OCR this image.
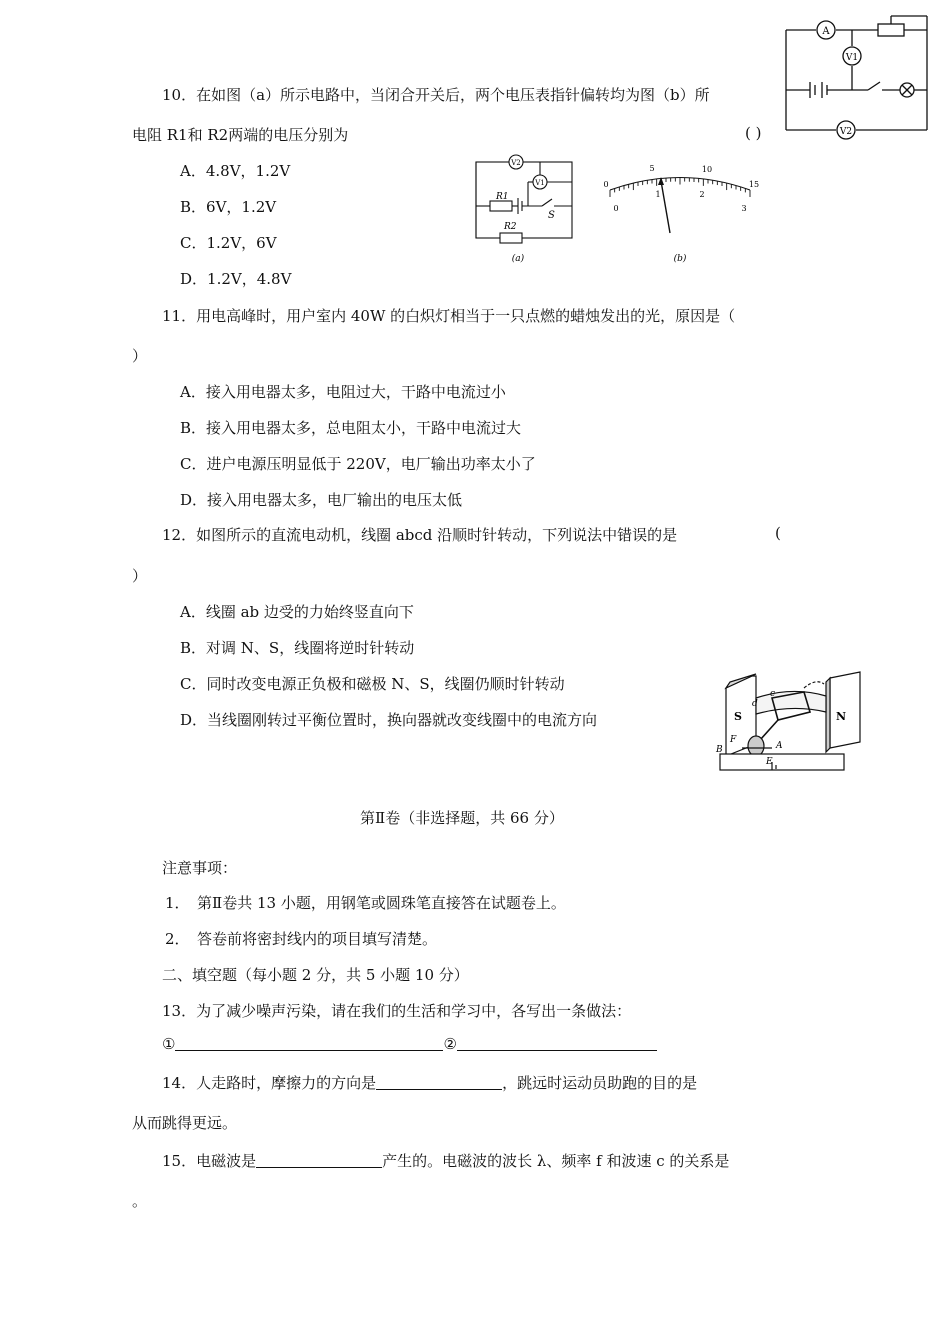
A
V1
V2
10．在如图（a）所示电路中，当闭合开关后，两个电压表指针偏转均为图（b）所
电阻 R1和 R2两端的电压分别为	( )
A．4.8V，1.2V
B．6V，1.2V
C．1.2V，6V
D．1.2V，4.8V
V2
V1
R1
R2
S
(a)
0
5	10
15
0
1	2
3
(b)
11．用电高峰时，用户室内 40W 的白炽灯相当于一只点燃的蜡烛发出的光，原因是（
）
A．接入用电器太多，电阻过大，干路中电流过小
B．接入用电器太多，总电阻太小，干路中电流过大
C．进户电源压明显低于 220V，电厂输出功率太小了
D．接入用电器太多，电厂输出的电压太低
12．如图所示的直流电动机，线圈 abcd 沿顺时针转动，下列说法中错误的是	(
）
A．线圈 ab 边受的力始终竖直向下
B．对调 N、S，线圈将逆时针转动
C．同时改变电源正负极和磁极 N、S，线圈仍顺时针转动
D．当线圈刚转过平衡位置时，换向器就改变线圈中的电流方向	S	N
c
d
A
F
B
E
第Ⅱ卷（非选择题，共 66 分）
注意事项：
1．　第Ⅱ卷共 13 小题，用钢笔或圆珠笔直接答在试题卷上。
2．　答卷前将密封线内的项目填写清楚。
二、填空题（每小题 2 分，共 5 小题 10 分）
13．为了减少噪声污染，请在我们的生活和学习中，各写出一条做法：
①	②
14．人走路时，摩擦力的方向是	，跳远时运动员助跑的目的是
从而跳得更远。
15．电磁波是	产生的。电磁波的波长 λ、频率 f 和波速 c 的关系是
。
